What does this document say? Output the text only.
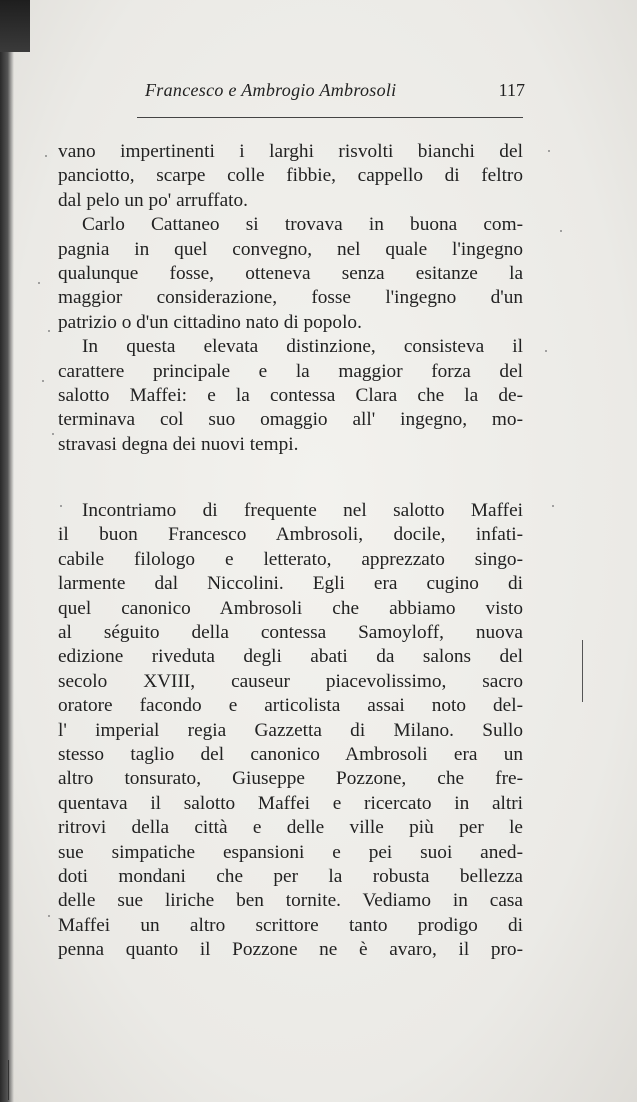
Francesco e Ambrogio Ambrosoli	117
vano impertinenti i larghi risvolti bianchi del
panciotto, scarpe colle fibbie, cappello di feltro
dal pelo un po' arruffato.
Carlo Cattaneo si trovava in buona com-
pagnia in quel convegno, nel quale l'ingegno
qualunque fosse, otteneva senza esitanze la
maggior considerazione, fosse l'ingegno d'un
patrizio o d'un cittadino nato di popolo.
In questa elevata distinzione, consisteva il
carattere principale e la maggior forza del
salotto Maffei: e la contessa Clara che la de-
terminava col suo omaggio all' ingegno, mo-
stravasi degna dei nuovi tempi.
Incontriamo di frequente nel salotto Maffei
il buon Francesco Ambrosoli, docile, infati-
cabile filologo e letterato, apprezzato singo-
larmente dal Niccolini. Egli era cugino di
quel canonico Ambrosoli che abbiamo visto
al séguito della contessa Samoyloff, nuova
edizione riveduta degli abati da salons del
secolo XVIII, causeur piacevolissimo, sacro
oratore facondo e articolista assai noto del-
l' imperial regia Gazzetta di Milano. Sullo
stesso taglio del canonico Ambrosoli era un
altro tonsurato, Giuseppe Pozzone, che fre-
quentava il salotto Maffei e ricercato in altri
ritrovi della città e delle ville più per le
sue simpatiche espansioni e pei suoi aned-
doti mondani che per la robusta bellezza
delle sue liriche ben tornite. Vediamo in casa
Maffei un altro scrittore tanto prodigo di
penna quanto il Pozzone ne è avaro, il pro-
